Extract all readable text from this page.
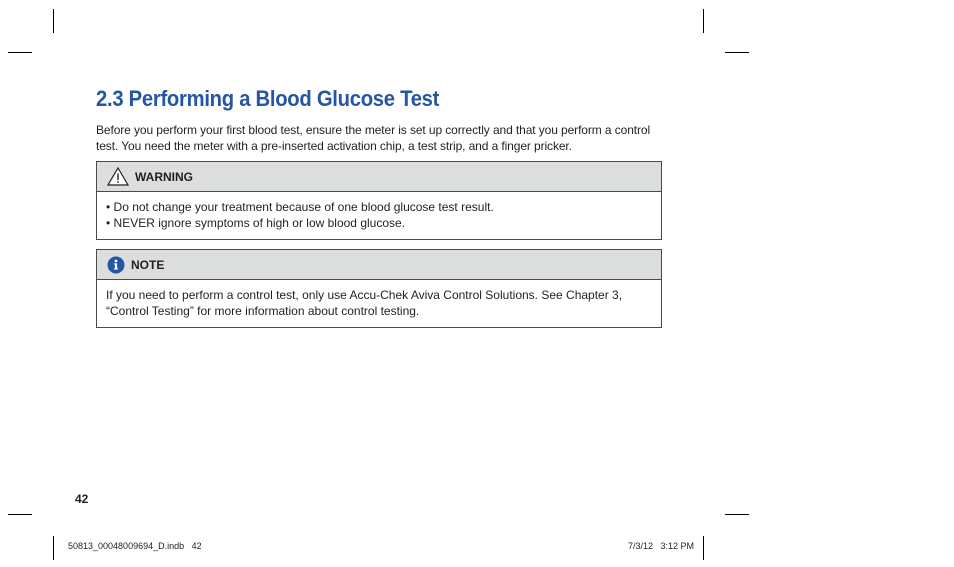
2.3 Performing a Blood Glucose Test

Before you perform your first blood test, ensure the meter is set up correctly and that you perform a control test. You need the meter with a pre-inserted activation chip, a test strip, and a finger pricker.

WARNING

• Do not change your treatment because of one blood glucose test result.

• NEVER ignore symptoms of high or low blood glucose.

NOTE

If you need to perform a control test, only use Accu-Chek Aviva Control Solutions. See Chapter 3, “Control Testing” for more information about control testing.

42
50813_00048009694_D.indb   42	7/3/12   3:12 PM
